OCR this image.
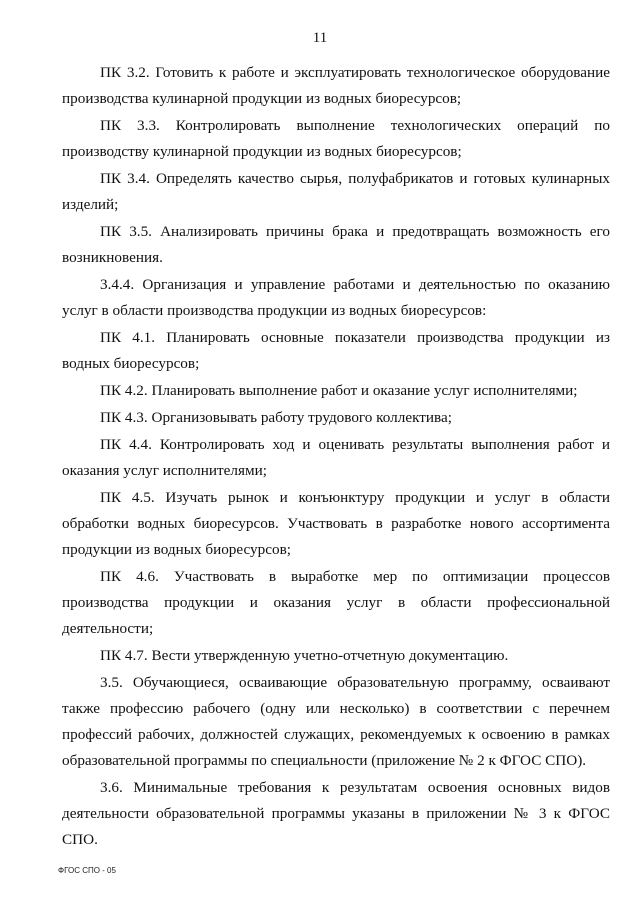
11

ПК 3.2. Готовить к работе и эксплуатировать технологическое оборудование производства кулинарной продукции из водных биоресурсов;

ПК 3.3. Контролировать выполнение технологических операций по производству кулинарной продукции из водных биоресурсов;

ПК 3.4. Определять качество сырья, полуфабрикатов и готовых кулинарных изделий;

ПК 3.5. Анализировать причины брака и предотвращать возможность его возникновения.

3.4.4. Организация и управление работами и деятельностью по оказанию услуг в области производства продукции из водных биоресурсов:

ПК 4.1. Планировать основные показатели производства продукции из водных биоресурсов;

ПК 4.2. Планировать выполнение работ и оказание услуг исполнителями;

ПК 4.3. Организовывать работу трудового коллектива;

ПК 4.4. Контролировать ход и оценивать результаты выполнения работ и оказания услуг исполнителями;

ПК 4.5. Изучать рынок и конъюнктуру продукции и услуг в области обработки водных биоресурсов. Участвовать в разработке нового ассортимента продукции из водных биоресурсов;

ПК 4.6. Участвовать в выработке мер по оптимизации процессов производства продукции и оказания услуг в области профессиональной деятельности;

ПК 4.7. Вести утвержденную учетно-отчетную документацию.

3.5. Обучающиеся, осваивающие образовательную программу, осваивают также профессию рабочего (одну или несколько) в соответствии с перечнем профессий рабочих, должностей служащих, рекомендуемых к освоению в рамках образовательной программы по специальности (приложение № 2 к ФГОС СПО).

3.6. Минимальные требования к результатам освоения основных видов деятельности образовательной программы указаны в приложении № 3 к ФГОС СПО.

ФГОС СПО - 05
